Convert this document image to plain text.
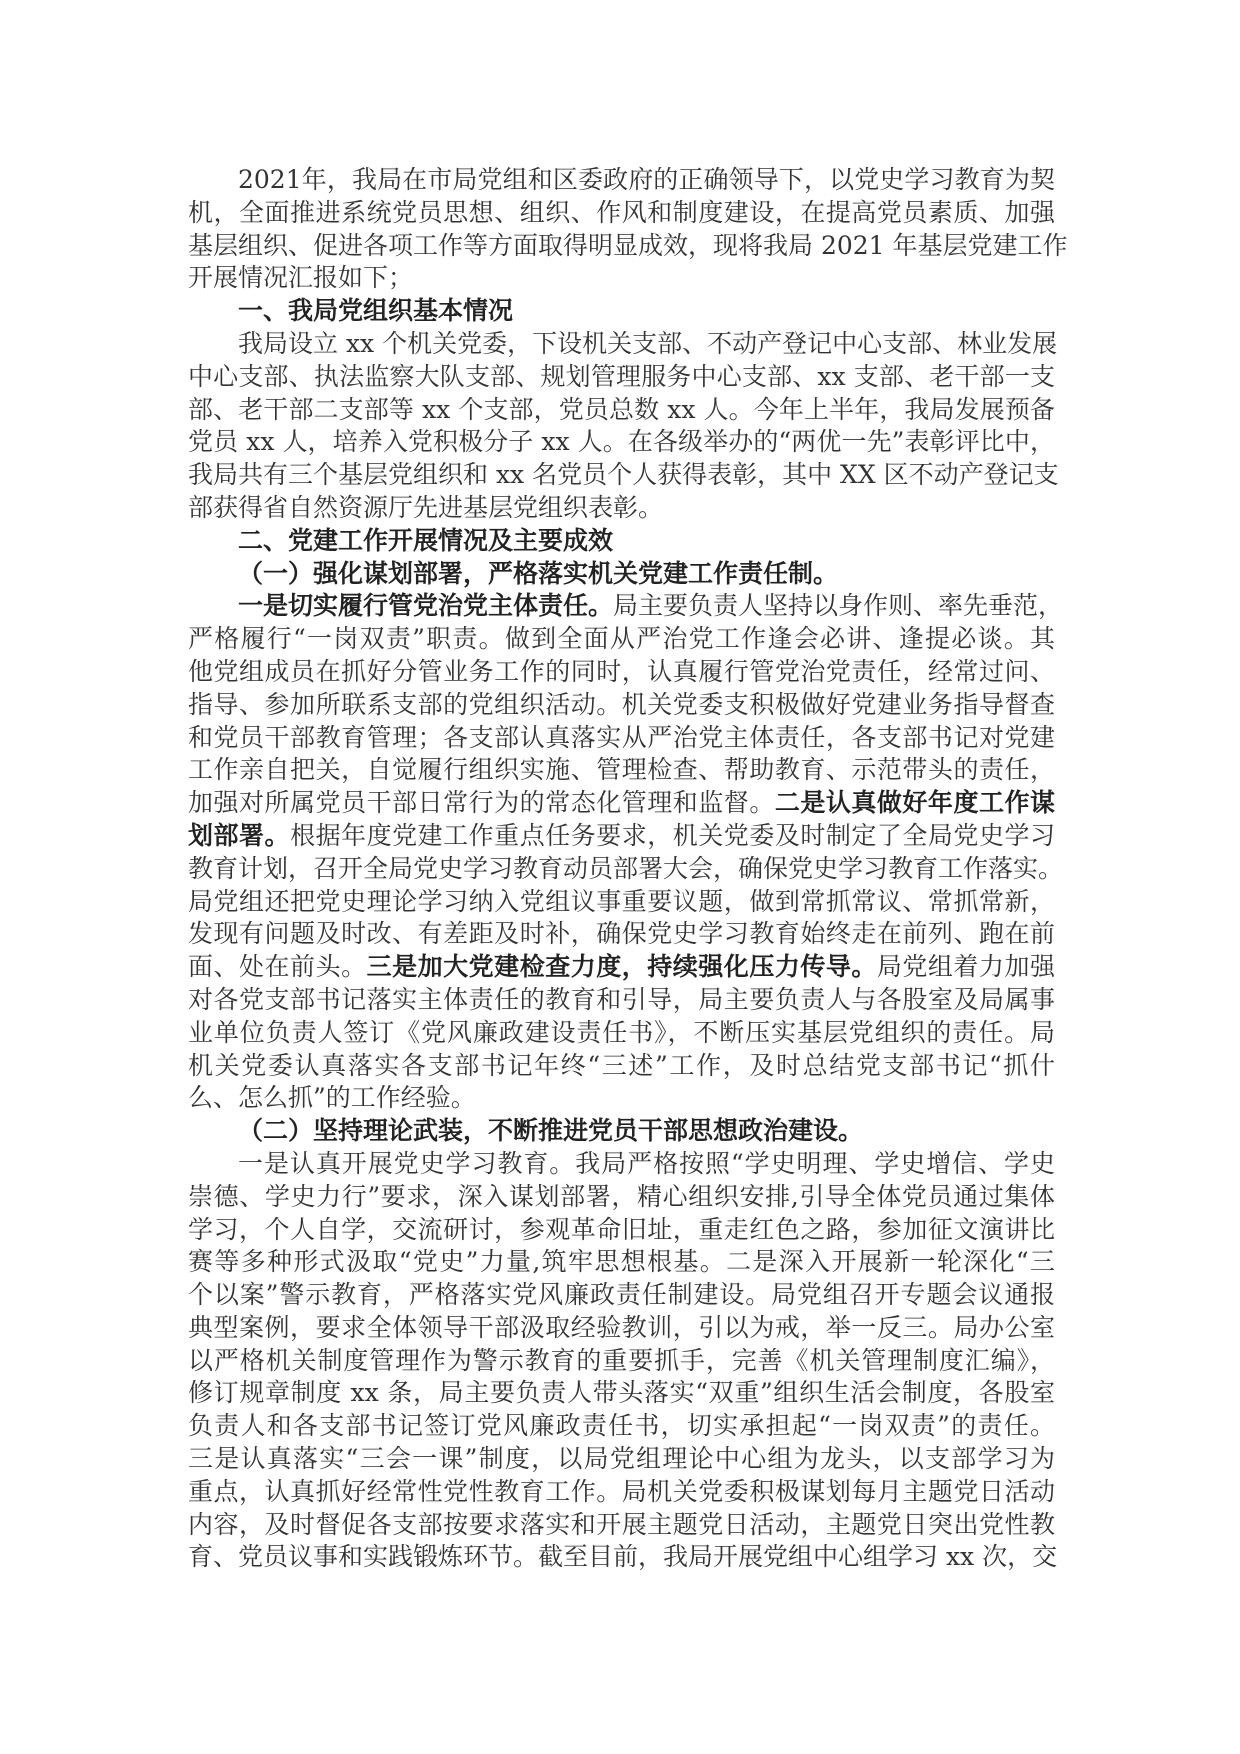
2021年，我局在市局党组和区委政府的正确领导下，以党史学习教育为契
机，全面推进系统党员思想、组织、作风和制度建设，在提高党员素质、加强
基层组织、促进各项工作等方面取得明显成效，现将我局 2021 年基层党建工作
开展情况汇报如下；
一、我局党组织基本情况
我局设立 xx 个机关党委，下设机关支部、不动产登记中心支部、林业发展
中心支部、执法监察大队支部、规划管理服务中心支部、xx 支部、老干部一支
部、老干部二支部等 xx 个支部，党员总数 xx 人。今年上半年，我局发展预备
党员 xx 人，培养入党积极分子 xx 人。在各级举办的“两优一先”表彰评比中，
我局共有三个基层党组织和 xx 名党员个人获得表彰，其中 XX 区不动产登记支
部获得省自然资源厅先进基层党组织表彰。
二、党建工作开展情况及主要成效
（一）强化谋划部署，严格落实机关党建工作责任制。
一是切实履行管党治党主体责任。局主要负责人坚持以身作则、率先垂范，
严格履行“一岗双责”职责。做到全面从严治党工作逢会必讲、逢提必谈。其
他党组成员在抓好分管业务工作的同时，认真履行管党治党责任，经常过问、
指导、参加所联系支部的党组织活动。机关党委支积极做好党建业务指导督查
和党员干部教育管理；各支部认真落实从严治党主体责任，各支部书记对党建
工作亲自把关，自觉履行组织实施、管理检查、帮助教育、示范带头的责任，
加强对所属党员干部日常行为的常态化管理和监督。二是认真做好年度工作谋
划部署。根据年度党建工作重点任务要求，机关党委及时制定了全局党史学习
教育计划，召开全局党史学习教育动员部署大会，确保党史学习教育工作落实。
局党组还把党史理论学习纳入党组议事重要议题，做到常抓常议、常抓常新，
发现有问题及时改、有差距及时补，确保党史学习教育始终走在前列、跑在前
面、处在前头。三是加大党建检查力度，持续强化压力传导。局党组着力加强
对各党支部书记落实主体责任的教育和引导，局主要负责人与各股室及局属事
业单位负责人签订《党风廉政建设责任书》，不断压实基层党组织的责任。局
机关党委认真落实各支部书记年终“三述”工作，及时总结党支部书记“抓什
么、怎么抓”的工作经验。
（二）坚持理论武装，不断推进党员干部思想政治建设。
一是认真开展党史学习教育。我局严格按照“学史明理、学史增信、学史
崇德、学史力行”要求，深入谋划部署，精心组织安排,引导全体党员通过集体
学习，个人自学，交流研讨，参观革命旧址，重走红色之路，参加征文演讲比
赛等多种形式汲取“党史”力量,筑牢思想根基。二是深入开展新一轮深化“三
个以案”警示教育，严格落实党风廉政责任制建设。局党组召开专题会议通报
典型案例，要求全体领导干部汲取经验教训，引以为戒，举一反三。局办公室
以严格机关制度管理作为警示教育的重要抓手，完善《机关管理制度汇编》，
修订规章制度 xx 条，局主要负责人带头落实“双重”组织生活会制度，各股室
负责人和各支部书记签订党风廉政责任书，切实承担起“一岗双责”的责任。
三是认真落实“三会一课”制度，以局党组理论中心组为龙头，以支部学习为
重点，认真抓好经常性党性教育工作。局机关党委积极谋划每月主题党日活动
内容，及时督促各支部按要求落实和开展主题党日活动，主题党日突出党性教
育、党员议事和实践锻炼环节。截至目前，我局开展党组中心组学习 xx 次，交
